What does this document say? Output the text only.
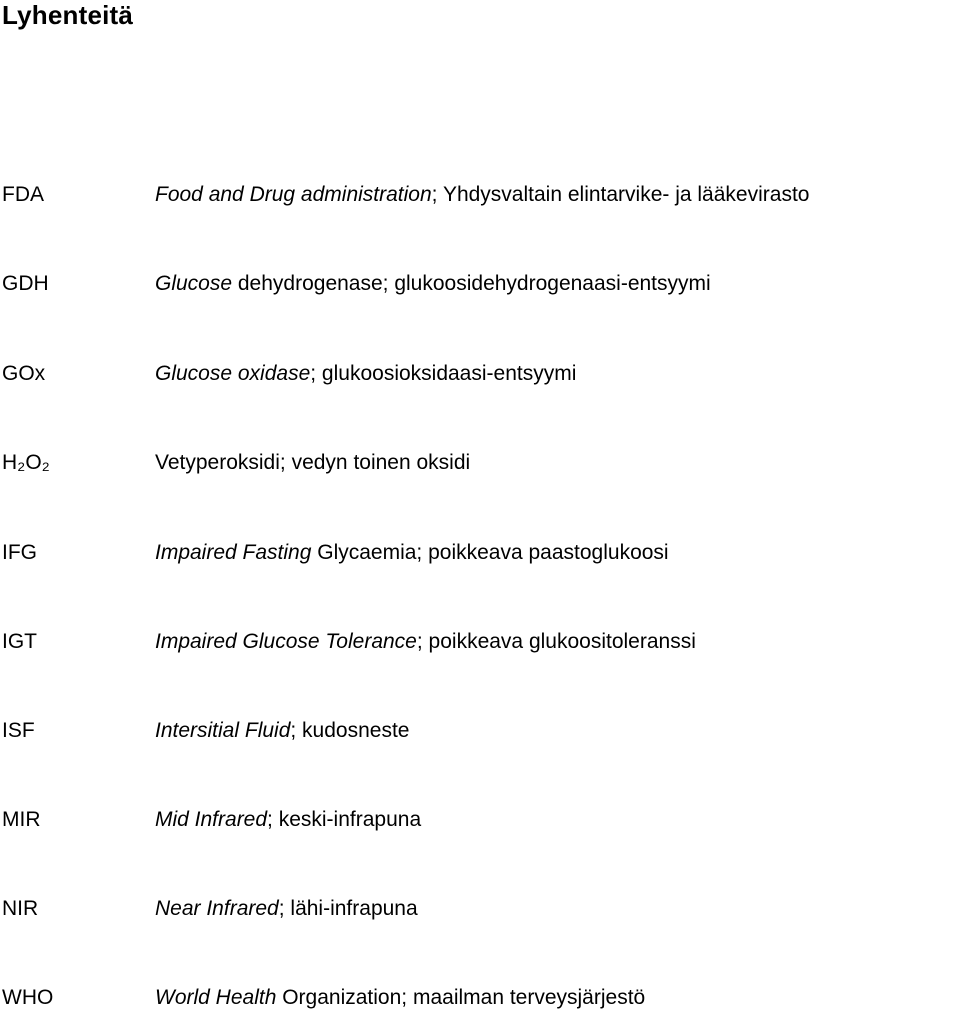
Lyhenteitä
FDA	Food and Drug administration; Yhdysvaltain elintarvike- ja lääkevirasto
GDH	Glucose dehydrogenase; glukoosidehydrogenaasi-entsyymi
GOx	Glucose oxidase; glukoosioksidaasi-entsyymi
H₂O₂	Vetyperoksidi; vedyn toinen oksidi
IFG	Impaired Fasting Glycaemia; poikkeava paastoglukoosi
IGT	Impaired Glucose Tolerance; poikkeava glukoositoleranssi
ISF	Intersitial Fluid; kudosneste
MIR	Mid Infrared; keski-infrapuna
NIR	Near Infrared; lähi-infrapuna
WHO	World Health Organization; maailman terveysjärjestö
